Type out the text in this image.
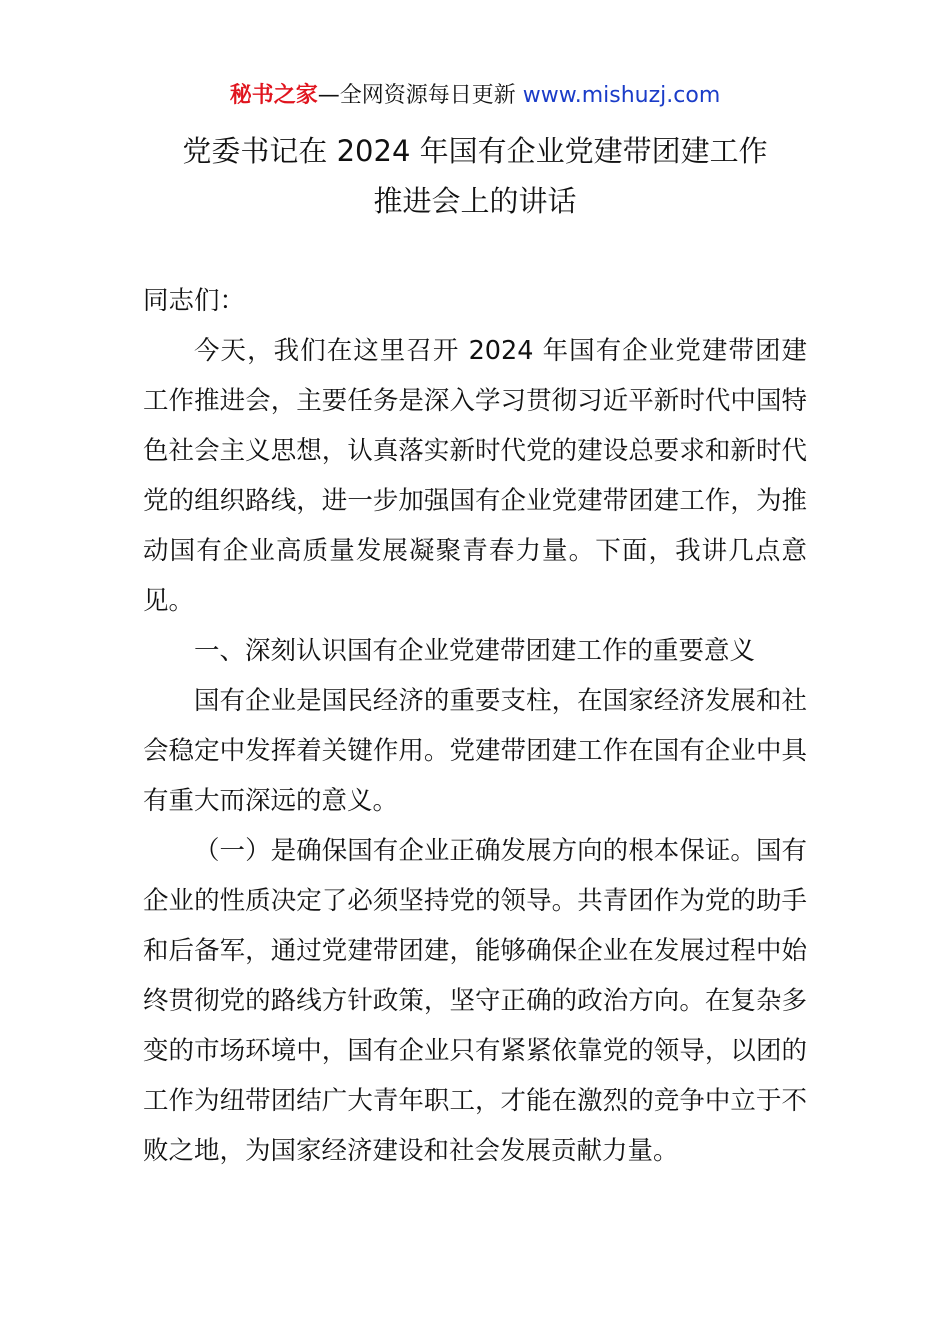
秘书之家—全网资源每日更新 www.mishuzj.com
党委书记在 2024 年国有企业党建带团建工作
推进会上的讲话

同志们：

今天，我们在这里召开 2024 年国有企业党建带团建工作推进会，主要任务是深入学习贯彻习近平新时代中国特色社会主义思想，认真落实新时代党的建设总要求和新时代党的组织路线，进一步加强国有企业党建带团建工作，为推动国有企业高质量发展凝聚青春力量。下面，我讲几点意见。

一、深刻认识国有企业党建带团建工作的重要意义

国有企业是国民经济的重要支柱，在国家经济发展和社会稳定中发挥着关键作用。党建带团建工作在国有企业中具有重大而深远的意义。

（一）是确保国有企业正确发展方向的根本保证。国有企业的性质决定了必须坚持党的领导。共青团作为党的助手和后备军，通过党建带团建，能够确保企业在发展过程中始终贯彻党的路线方针政策，坚守正确的政治方向。在复杂多变的市场环境中，国有企业只有紧紧依靠党的领导，以团的工作为纽带团结广大青年职工，才能在激烈的竞争中立于不败之地，为国家经济建设和社会发展贡献力量。
